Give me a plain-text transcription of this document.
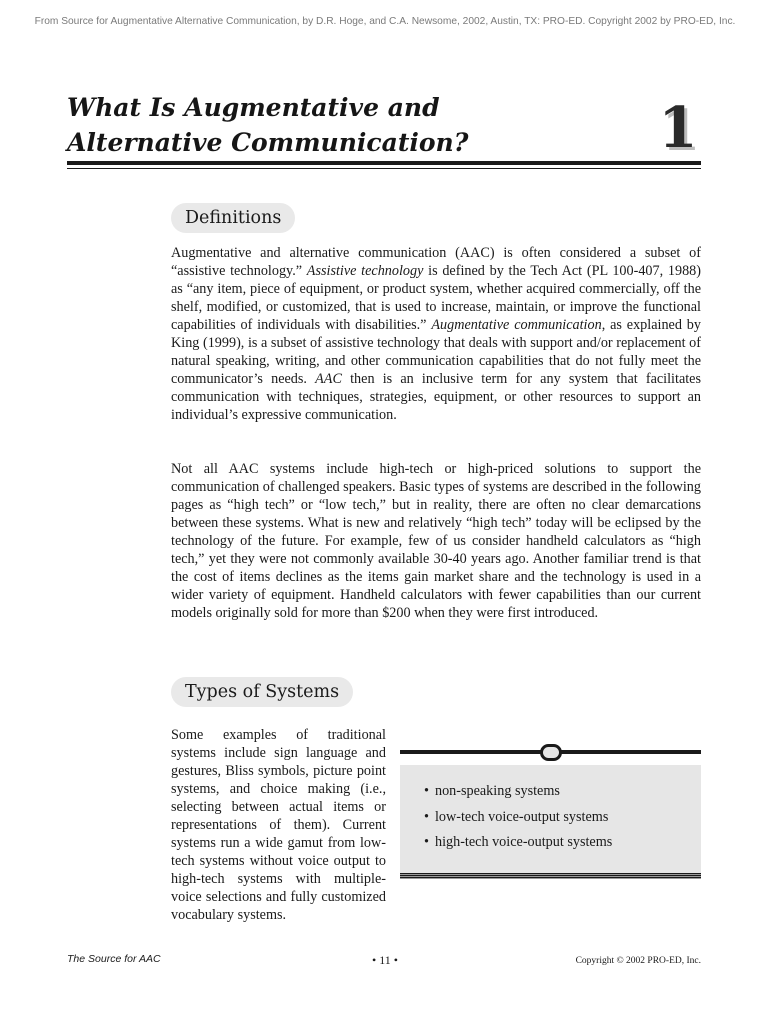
From Source for Augmentative Alternative Communication, by D.R. Hoge, and C.A. Newsome, 2002, Austin, TX: PRO-ED. Copyright 2002 by PRO-ED, Inc.
What Is Augmentative and
Alternative Communication?	1
Definitions

Augmentative and alternative communication (AAC) is often considered a subset of “assistive technology.” Assistive technology is defined by the Tech Act (PL 100-407, 1988) as “any item, piece of equipment, or product system, whether acquired commercially, off the shelf, modified, or customized, that is used to increase, maintain, or improve the functional capabilities of individuals with disabilities.” Augmentative communication, as explained by King (1999), is a subset of assistive technology that deals with support and/or replacement of natural speaking, writing, and other communication capabilities that do not fully meet the communicator’s needs. AAC then is an inclusive term for any system that facilitates communication with techniques, strategies, equipment, or other resources to support an individual’s expressive communication.

Not all AAC systems include high-tech or high-priced solutions to support the communication of challenged speakers. Basic types of systems are described in the following pages as “high tech” or “low tech,” but in reality, there are often no clear demarcations between these systems. What is new and relatively “high tech” today will be eclipsed by the technology of the future. For example, few of us consider handheld calculators as “high tech,” yet they were not commonly available 30-40 years ago. Another familiar trend is that the cost of items declines as the items gain market share and the technology is used in a wider variety of equipment. Handheld calculators with fewer capabilities than our current models originally sold for more than $200 when they were first introduced.

Types of Systems

Some examples of traditional systems include sign language and gestures, Bliss symbols, picture point systems, and choice making (i.e., selecting between actual items or representations of them). Current systems run a wide gamut from low-tech systems without voice output to high-tech systems with multiple-voice selections and fully customized vocabulary systems.

• non-speaking systems
• low-tech voice-output systems
• high-tech voice-output systems
The Source for AAC	• 11 •	Copyright © 2002 PRO-ED, Inc.
